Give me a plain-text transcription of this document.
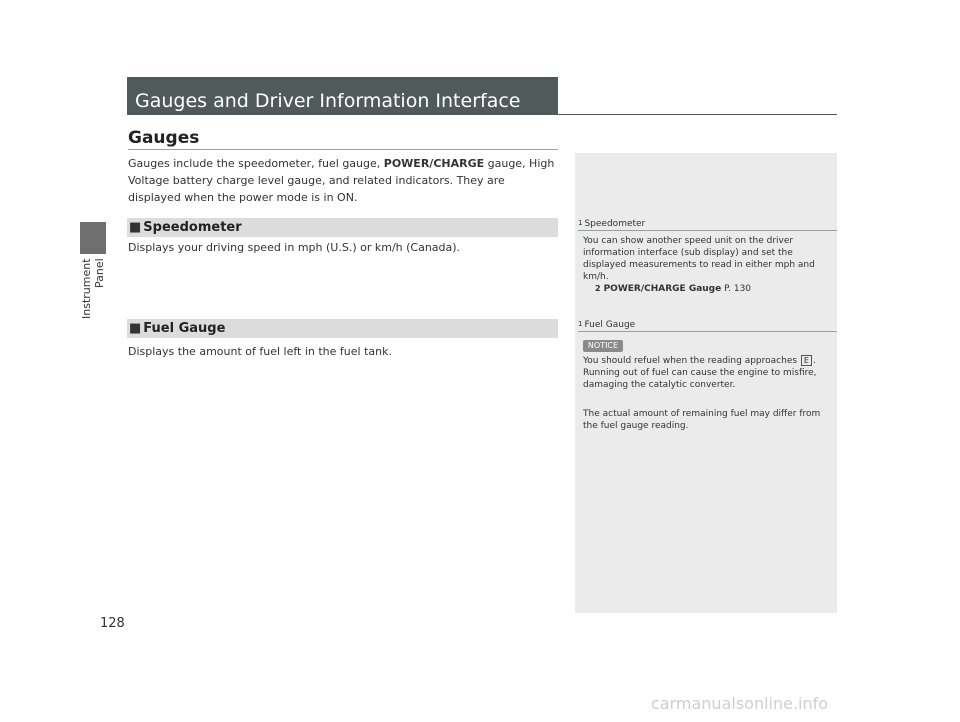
Instrument Panel
Gauges and Driver Information Interface
Gauges

Gauges include the speedometer, fuel gauge, POWER/CHARGE gauge, High Voltage battery charge level gauge, and related indicators. They are displayed when the power mode is in ON.

■ Speedometer

Displays your driving speed in mph (U.S.) or km/h (Canada).

■ Fuel Gauge

Displays the amount of fuel left in the fuel tank.

1 Speedometer

You can show another speed unit on the driver information interface (sub display) and set the displayed measurements to read in either mph and km/h.
2 POWER/CHARGE Gauge P. 130

1 Fuel Gauge
NOTICE

You should refuel when the reading approaches E . Running out of fuel can cause the engine to misfire, damaging the catalytic converter.

The actual amount of remaining fuel may differ from the fuel gauge reading.

128
carmanualsonline.info
